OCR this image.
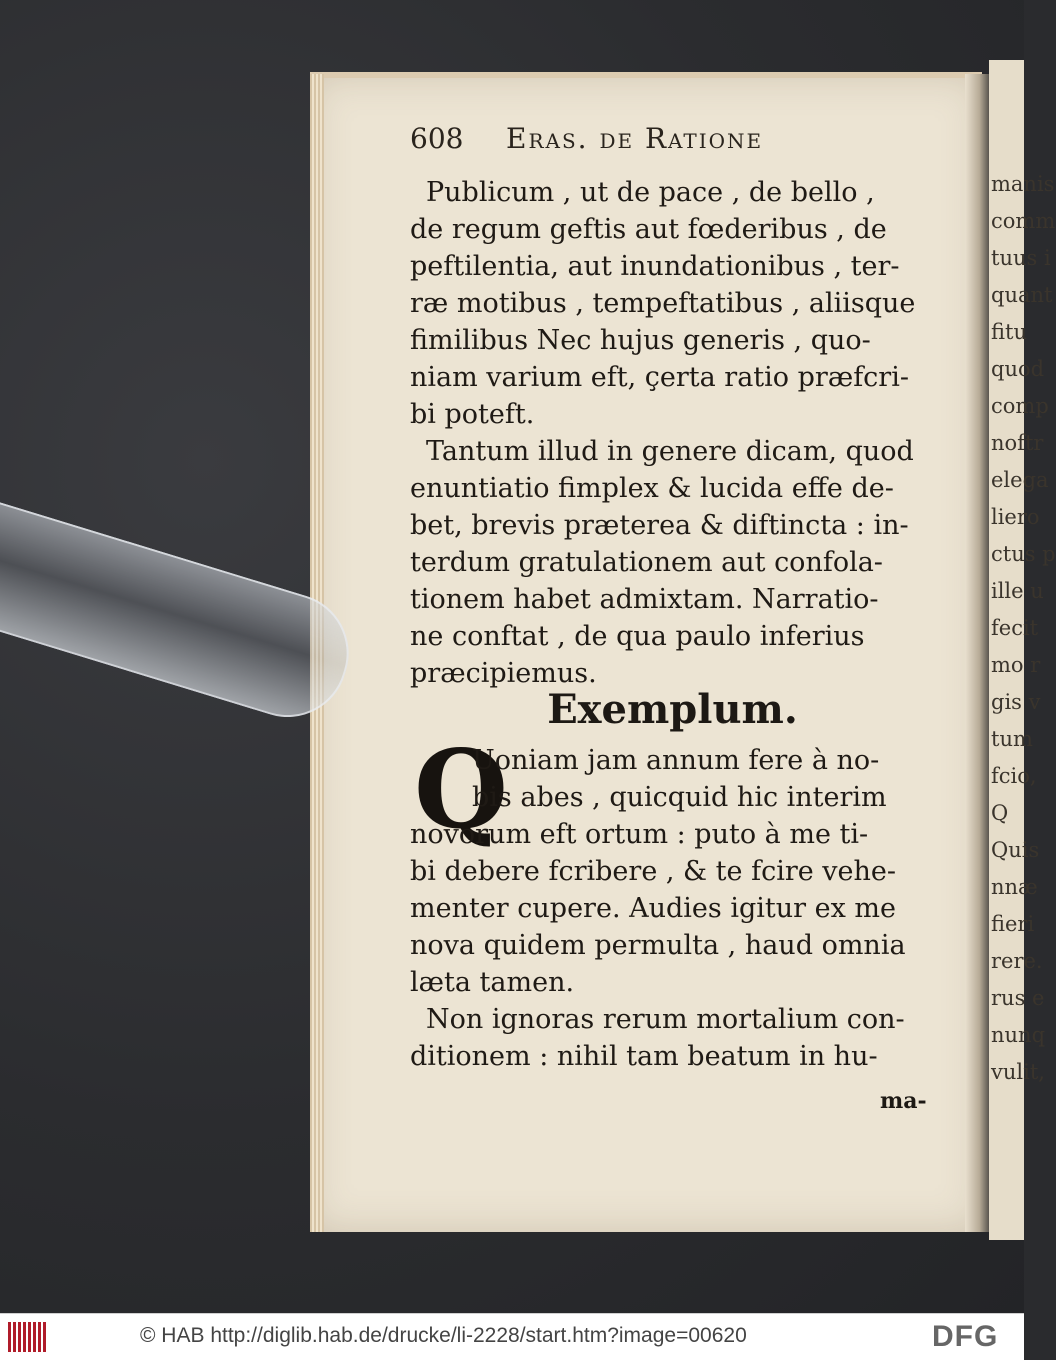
manis
comm
tuus i
quant
fitu
quod
comp
noftr
elega
liero
ctus p
ille u
fecit
mo r
gis v
tum
fcio,
Q
Quis
nnæ
fieri
rere.
rus e
nunq
vulit,
608 Eras. de Ratione
Publicum , ut de pace , de bello ,
de regum geftis aut fœderibus , de
peftilentia, aut inundationibus , ter-
ræ motibus , tempeftatibus , aliisque
fimilibus Nec hujus generis , quo-
niam varium eft, çerta ratio præfcri-
bi poteft.
Tantum illud in genere dicam, quod
enuntiatio fimplex & lucida effe de-
bet, brevis præterea & diftincta : in-
terdum gratulationem aut confola-
tionem habet admixtam. Narratio-
ne conftat , de qua paulo inferius
præcipiemus.
Exemplum.
Q
Uoniam jam annum fere à no-
bis abes , quicquid hic interim
novorum eft ortum : puto à me ti-
bi debere fcribere , & te fcire vehe-
menter cupere. Audies igitur ex me
nova quidem permulta , haud omnia
læta tamen.
Non ignoras rerum mortalium con-
ditionem : nihil tam beatum in hu-
ma-
© HAB http://diglib.hab.de/drucke/li-2228/start.htm?image=00620	DFG
